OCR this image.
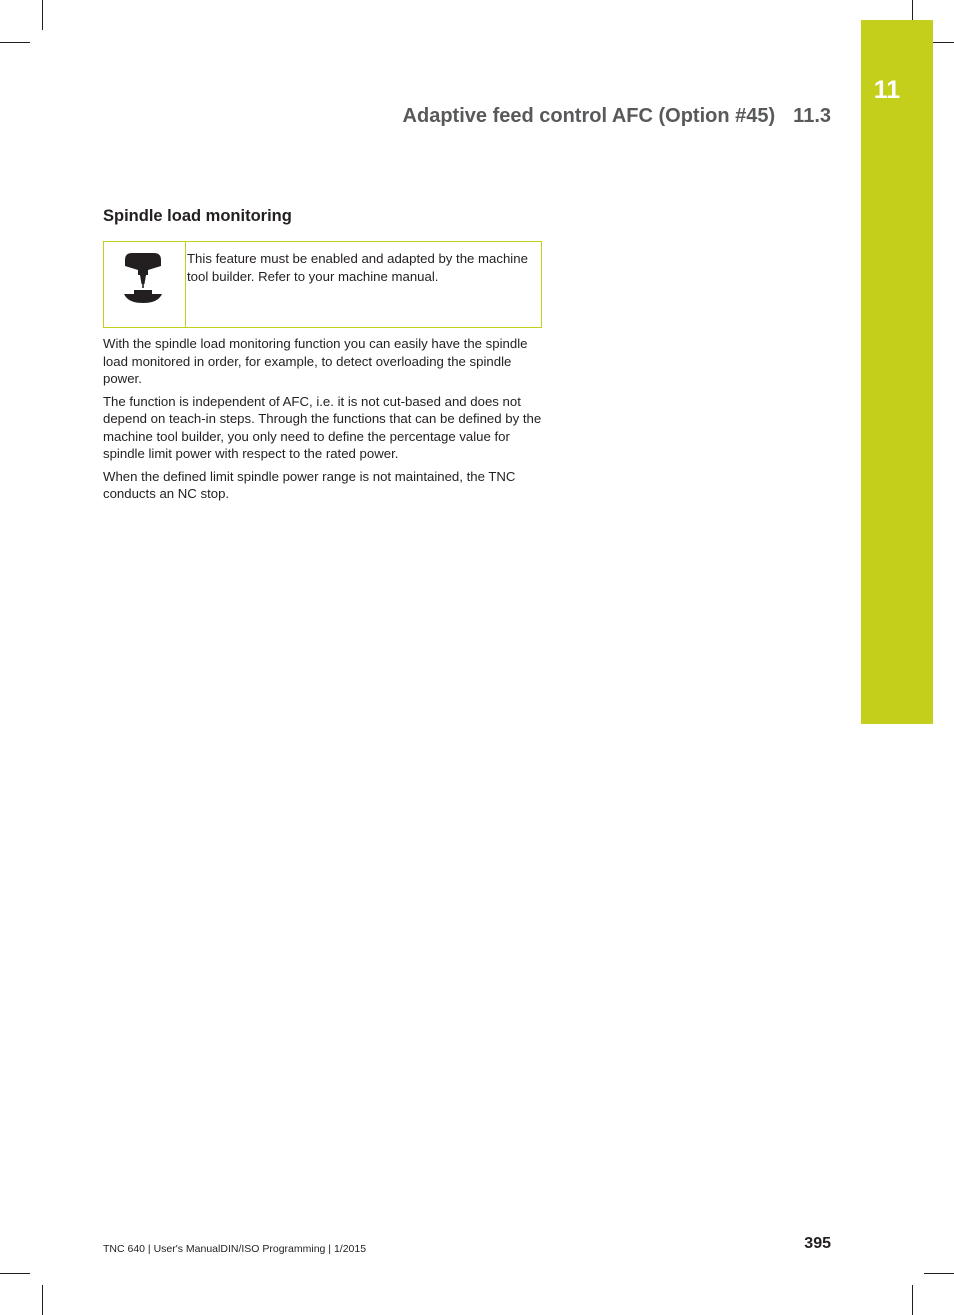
11
Adaptive feed control AFC (Option #45) 11.3
Spindle load monitoring

This feature must be enabled and adapted by the machine tool builder. Refer to your machine manual.

With the spindle load monitoring function you can easily have the spindle load monitored in order, for example, to detect overloading the spindle power.

The function is independent of AFC, i.e. it is not cut-based and does not depend on teach-in steps. Through the functions that can be defined by the machine tool builder, you only need to define the percentage value for spindle limit power with respect to the rated power.

When the defined limit spindle power range is not maintained, the TNC conducts an NC stop.

TNC 640 | User's ManualDIN/ISO Programming | 1/2015	395
